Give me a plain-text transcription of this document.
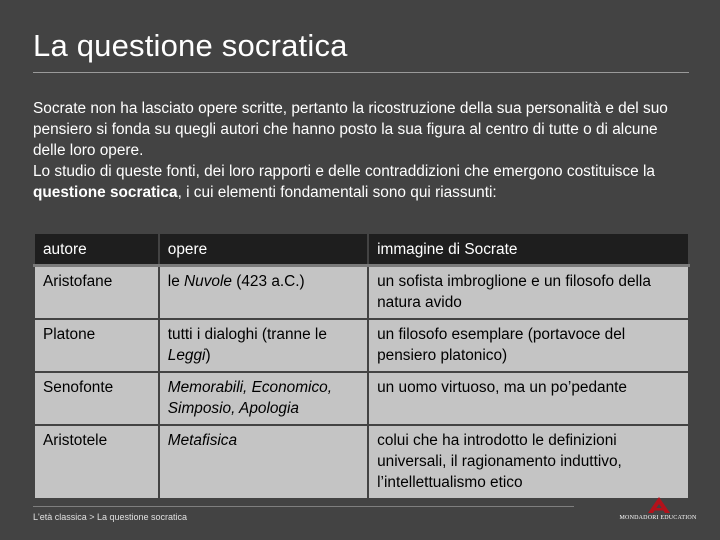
La questione socratica

Socrate non ha lasciato opere scritte, pertanto la ricostruzione della sua personalità e del suo pensiero si fonda su quegli autori che hanno posto la sua figura al centro di tutte o di alcune delle loro opere.

Lo studio di queste fonti, dei loro rapporti e delle contraddizioni che emergono costituisce la questione socratica, i cui elementi fondamentali sono qui riassunti:

autore	opere	immagine di Socrate
Aristofane	le Nuvole (423 a.C.)	un sofista imbroglione e un filosofo della natura avido
Platone	tutti i dialoghi (tranne le Leggi)	un filosofo esemplare (portavoce del pensiero platonico)
Senofonte	Memorabili, Economico, Simposio, Apologia	un uomo virtuoso, ma un po’pedante
Aristotele	Metafisica	colui che ha introdotto le definizioni universali, il ragionamento induttivo, l’intellettualismo etico
L'età classica > La questione socratica	MONDADORI EDUCATION
